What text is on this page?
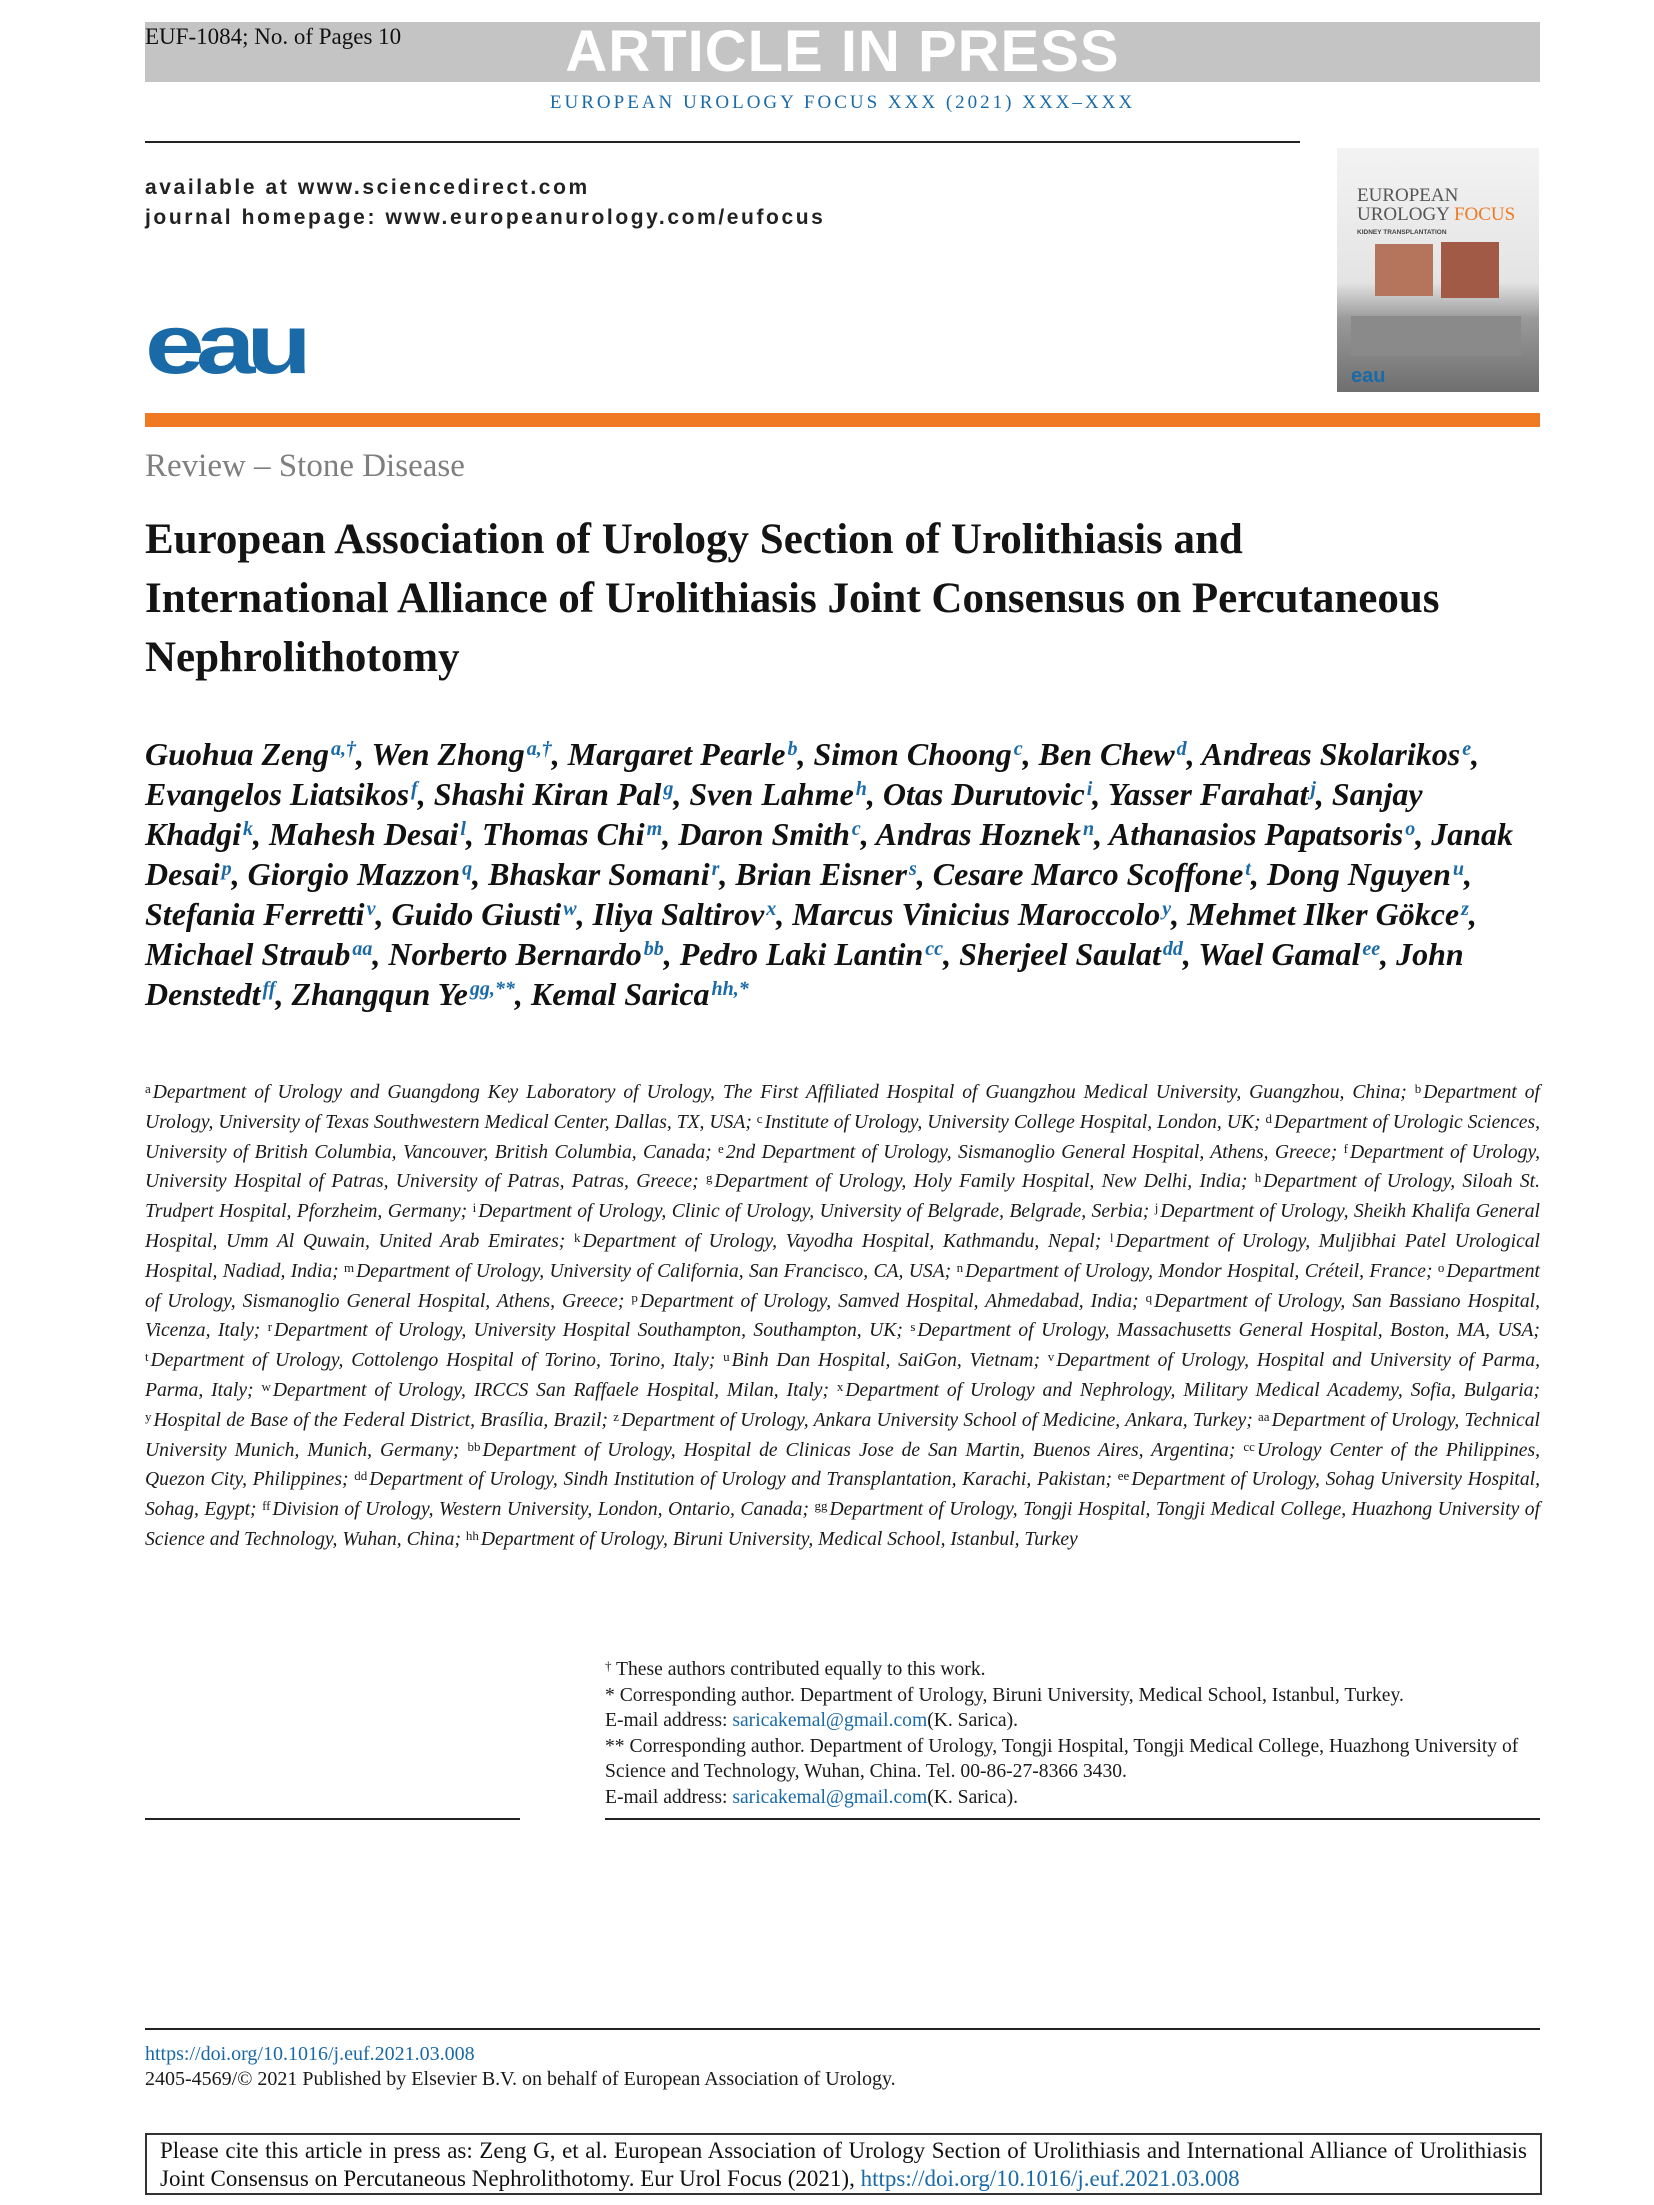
EUF-1084; No. of Pages 10	ARTICLE IN PRESS
EUROPEAN UROLOGY FOCUS XXX (2021) XXX–XXX
available at www.sciencedirect.com
journal homepage: www.europeanurology.com/eufocus
eau
EUROPEAN
UROLOGY FOCUS
KIDNEY TRANSPLANTATION
eau
Review – Stone Disease
European Association of Urology Section of Urolithiasis and International Alliance of Urolithiasis Joint Consensus on Percutaneous Nephrolithotomy
Guohua Zeng $^{a,\dagger}$, Wen Zhong $^{a,\dagger}$, Margaret Pearle $^b$, Simon Choong $^c$, Ben Chew $^d$, Andreas Skolarikos $^e$, Evangelos Liatsikos $^f$, Shashi Kiran Pal $^g$, Sven Lahme $^h$, Otas Durutovic $^i$, Yasser Farahat $^j$, Sanjay Khadgi $^k$, Mahesh Desai $^l$, Thomas Chi $^m$, Daron Smith $^c$, Andras Hoznek $^n$, Athanasios Papatsoris $^o$, Janak Desai $^p$, Giorgio Mazzon $^q$, Bhaskar Somani $^r$, Brian Eisner $^s$, Cesare Marco Scoffone $^t$, Dong Nguyen $^u$, Stefania Ferretti $^v$, Guido Giusti $^w$, Iliya Saltirov $^x$, Marcus Vinicius Maroccolo $^y$, Mehmet Ilker Gökce $^z$, Michael Straub $^{aa}$, Norberto Bernardo $^{bb}$, Pedro Laki Lantin $^{cc}$, Sherjeel Saulat $^{dd}$, Wael Gamal $^{ee}$, John Denstedt $^{ff}$, Zhangqun Ye $^{gg,**}$, Kemal Sarica $^{hh,*}$
$^a$ Department of Urology and Guangdong Key Laboratory of Urology, The First Affiliated Hospital of Guangzhou Medical University, Guangzhou, China; $^b$ Department of Urology, University of Texas Southwestern Medical Center, Dallas, TX, USA; $^c$ Institute of Urology, University College Hospital, London, UK; $^d$ Department of Urologic Sciences, University of British Columbia, Vancouver, British Columbia, Canada; $^e$ 2nd Department of Urology, Sismanoglio General Hospital, Athens, Greece; $^f$ Department of Urology, University Hospital of Patras, University of Patras, Patras, Greece; $^g$ Department of Urology, Holy Family Hospital, New Delhi, India; $^h$ Department of Urology, Siloah St. Trudpert Hospital, Pforzheim, Germany; $^i$ Department of Urology, Clinic of Urology, University of Belgrade, Belgrade, Serbia; $^j$ Department of Urology, Sheikh Khalifa General Hospital, Umm Al Quwain, United Arab Emirates; $^k$ Department of Urology, Vayodha Hospital, Kathmandu, Nepal; $^l$ Department of Urology, Muljibhai Patel Urological Hospital, Nadiad, India; $^m$ Department of Urology, University of California, San Francisco, CA, USA; $^n$ Department of Urology, Mondor Hospital, Créteil, France; $^o$ Department of Urology, Sismanoglio General Hospital, Athens, Greece; $^p$ Department of Urology, Samved Hospital, Ahmedabad, India; $^q$ Department of Urology, San Bassiano Hospital, Vicenza, Italy; $^r$ Department of Urology, University Hospital Southampton, Southampton, UK; $^s$ Department of Urology, Massachusetts General Hospital, Boston, MA, USA; $^t$ Department of Urology, Cottolengo Hospital of Torino, Torino, Italy; $^u$ Binh Dan Hospital, SaiGon, Vietnam; $^v$ Department of Urology, Hospital and University of Parma, Parma, Italy; $^w$ Department of Urology, IRCCS San Raffaele Hospital, Milan, Italy; $^x$ Department of Urology and Nephrology, Military Medical Academy, Sofia, Bulgaria; $^y$ Hospital de Base of the Federal District, Brasília, Brazil; $^z$ Department of Urology, Ankara University School of Medicine, Ankara, Turkey; $^{aa}$ Department of Urology, Technical University Munich, Munich, Germany; $^{bb}$ Department of Urology, Hospital de Clinicas Jose de San Martin, Buenos Aires, Argentina; $^{cc}$ Urology Center of the Philippines, Quezon City, Philippines; $^{dd}$ Department of Urology, Sindh Institution of Urology and Transplantation, Karachi, Pakistan; $^{ee}$ Department of Urology, Sohag University Hospital, Sohag, Egypt; $^{ff}$ Division of Urology, Western University, London, Ontario, Canada; $^{gg}$ Department of Urology, Tongji Hospital, Tongji Medical College, Huazhong University of Science and Technology, Wuhan, China; $^{hh}$ Department of Urology, Biruni University, Medical School, Istanbul, Turkey

† These authors contributed equally to this work.

* Corresponding author. Department of Urology, Biruni University, Medical School, Istanbul, Turkey.

E-mail address: saricakemal@gmail.com(K. Sarica).

** Corresponding author. Department of Urology, Tongji Hospital, Tongji Medical College, Huazhong University of Science and Technology, Wuhan, China. Tel. 00-86-27-8366 3430.

E-mail address: saricakemal@gmail.com(K. Sarica).

https://doi.org/10.1016/j.euf.2021.03.008
2405-4569/© 2021 Published by Elsevier B.V. on behalf of European Association of Urology.

Please cite this article in press as: Zeng G, et al. European Association of Urology Section of Urolithiasis and International Alliance of Urolithiasis Joint Consensus on Percutaneous Nephrolithotomy. Eur Urol Focus (2021), https://doi.org/10.1016/j.euf.2021.03.008
